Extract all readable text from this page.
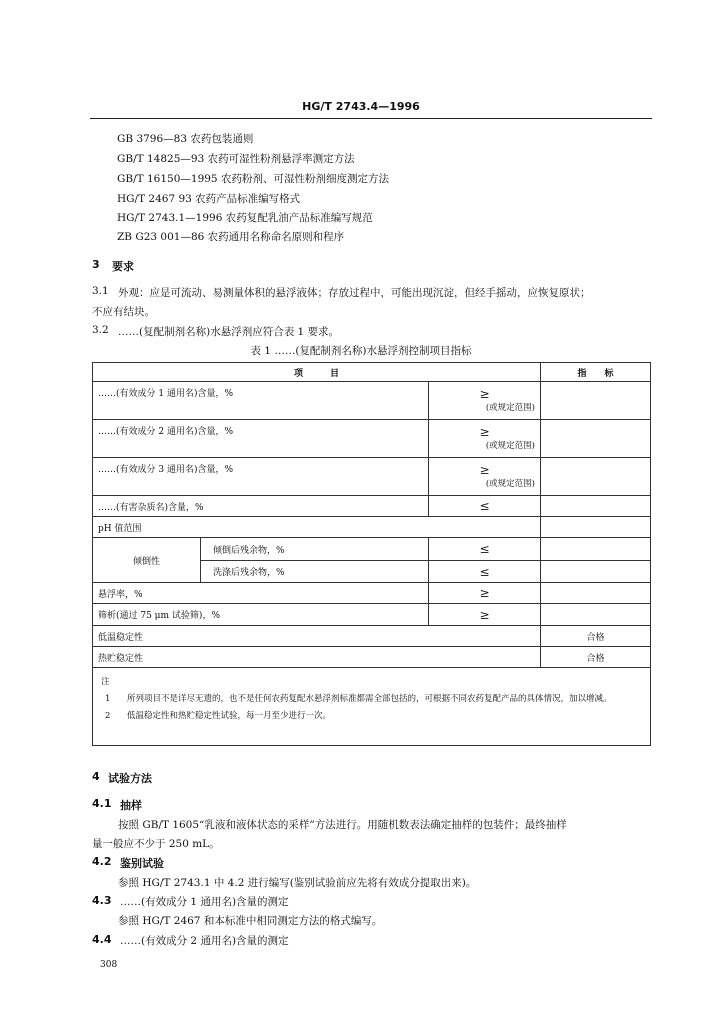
HG/T 2743.4—1996
GB 3796—83 农药包装通则
GB/T 14825—93 农药可湿性粉剂悬浮率测定方法
GB/T 16150—1995 农药粉剂、可湿性粉剂细度测定方法
HG/T 2467 93 农药产品标准编写格式
HG/T 2743.1—1996 农药复配乳油产品标准编写规范
ZB G23 001—86 农药通用名称命名原则和程序
3 要求
3.1 外观：应是可流动、易测量体积的悬浮液体；存放过程中，可能出现沉淀，但经手摇动，应恢复原状；
不应有结块。
3.2 ……(复配制剂名称)水悬浮剂应符合表 1 要求。
表 1 ……(复配制剂名称)水悬浮剂控制项目指标
项　　　目			指　　标
……(有效成分 1 通用名)含量，%		≥
(或规定范围)	

……(有效成分 2 通用名)含量，%		≥
(或规定范围)	

……(有效成分 3 通用名)含量，%		≥
(或规定范围)	

……(有害杂质名)含量，%		≤	
pH 值范围			
倾倒性	倾倒后残余物，%	≤	
	洗涤后残余物，%	≤	
悬浮率，%		≥	
筛析(通过 75 μm 试验筛)，%		≥	
低温稳定性			合格
热贮稳定性			合格

注
1 所列项目不是详尽无遗的，也不是任何农药复配水悬浮剂标准都需全部包括的，可根据不同农药复配产品的具体情况，加以增减。
2 低温稳定性和热贮稳定性试验，每一月至少进行一次。			
4 试验方法
4.1 抽样
按照 GB/T 1605“乳液和液体状态的采样”方法进行。用随机数表法确定抽样的包装件；最终抽样
量一般应不少于 250 mL。
4.2 鉴别试验
参照 HG/T 2743.1 中 4.2 进行编写(鉴别试验前应先将有效成分提取出来)。
4.3 ……(有效成分 1 通用名)含量的测定
参照 HG/T 2467 和本标准中相同测定方法的格式编写。
4.4 ……(有效成分 2 通用名)含量的测定
308
